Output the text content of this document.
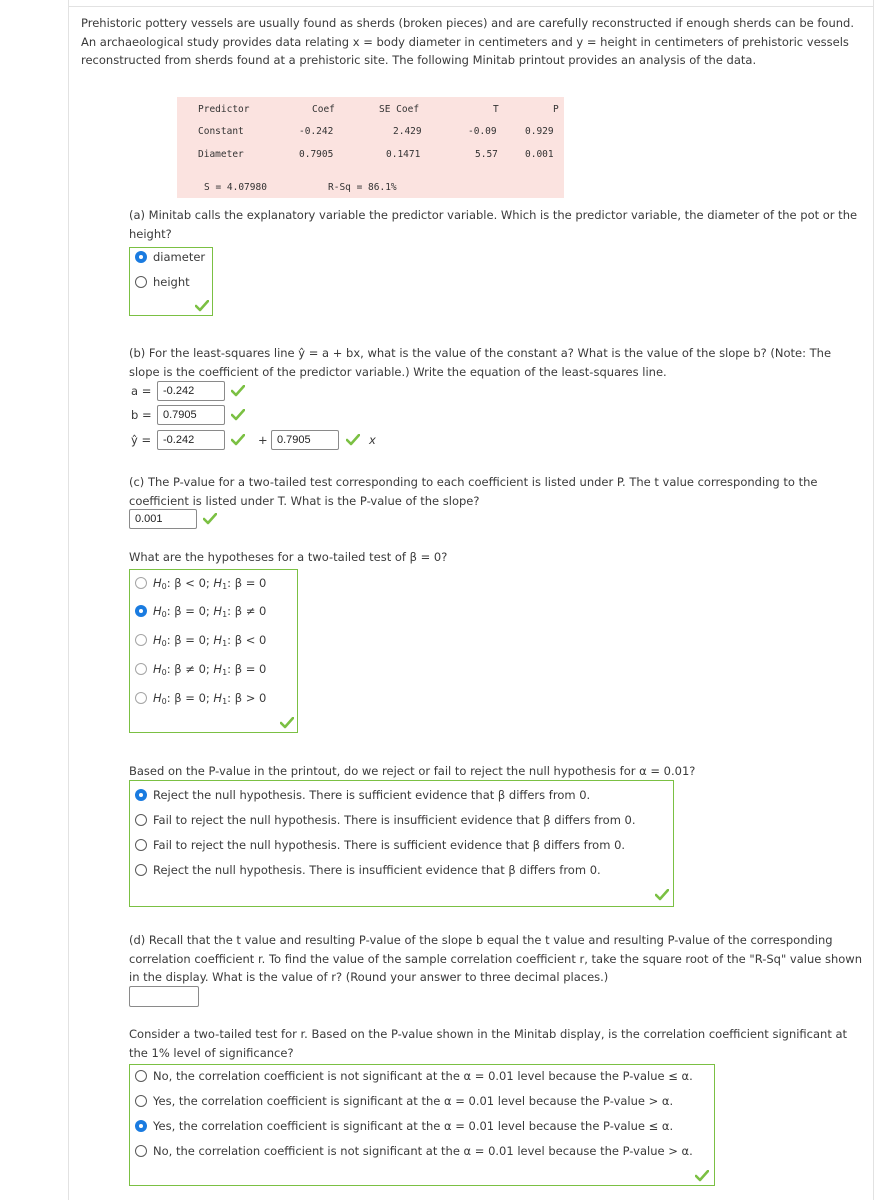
Prehistoric pottery vessels are usually found as sherds (broken pieces) and are carefully reconstructed if enough sherds can be found. An archaeological study provides data relating x = body diameter in centimeters and y = height in centimeters of prehistoric vessels reconstructed from sherds found at a prehistoric site. The following Minitab printout provides an analysis of the data.
Predictor	Coef	SE Coef	T	P
Constant	-0.242	2.429	-0.09	0.929
Diameter	0.7905	0.1471	5.57	0.001
S = 4.07980	R-Sq = 86.1%
(a) Minitab calls the explanatory variable the predictor variable. Which is the predictor variable, the diameter of the pot or the height?
diameter
height
(b) For the least-squares line ŷ = a + bx, what is the value of the constant a? What is the value of the slope b? (Note: The slope is the coefficient of the predictor variable.) Write the equation of the least-squares line.
a =	-0.242
b =	0.7905
ŷ =	-0.242	+ 0.7905	x
(c) The P-value for a two-tailed test corresponding to each coefficient is listed under P. The t value corresponding to the coefficient is listed under T. What is the P-value of the slope?
0.001
What are the hypotheses for a two-tailed test of β = 0?
$H_0$: β < 0; $H_1$: β = 0
$H_0$: β = 0; $H_1$: β ≠ 0
$H_0$: β = 0; $H_1$: β < 0
$H_0$: β ≠ 0; $H_1$: β = 0
$H_0$: β = 0; $H_1$: β > 0
Based on the P-value in the printout, do we reject or fail to reject the null hypothesis for α = 0.01?
Reject the null hypothesis. There is sufficient evidence that β differs from 0.
Fail to reject the null hypothesis. There is insufficient evidence that β differs from 0.
Fail to reject the null hypothesis. There is sufficient evidence that β differs from 0.
Reject the null hypothesis. There is insufficient evidence that β differs from 0.
(d) Recall that the t value and resulting P-value of the slope b equal the t value and resulting P-value of the corresponding correlation coefficient r. To find the value of the sample correlation coefficient r, take the square root of the "R-Sq" value shown in the display. What is the value of r? (Round your answer to three decimal places.)
Consider a two-tailed test for r. Based on the P-value shown in the Minitab display, is the correlation coefficient significant at the 1% level of significance?
No, the correlation coefficient is not significant at the α = 0.01 level because the P-value ≤ α.
Yes, the correlation coefficient is significant at the α = 0.01 level because the P-value > α.
Yes, the correlation coefficient is significant at the α = 0.01 level because the P-value ≤ α.
No, the correlation coefficient is not significant at the α = 0.01 level because the P-value > α.
